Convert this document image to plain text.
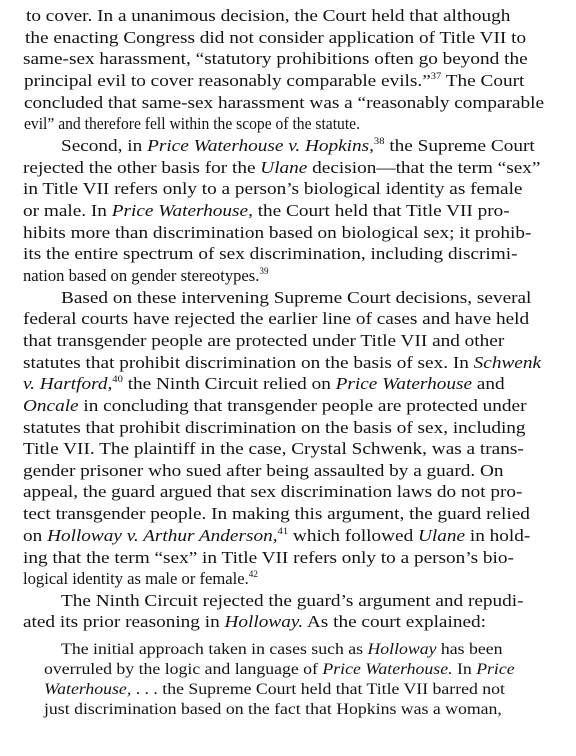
to cover. In a unanimous decision, the Court held that although
the enacting Congress did not consider application of Title VII to
same-sex harassment, “statutory prohibitions often go beyond the
principal evil to cover reasonably comparable evils.”$^{37}$ The Court
concluded that same-sex harassment was a “reasonably comparable
evil” and therefore fell within the scope of the statute.
Second, in Price Waterhouse v. Hopkins,$^{38}$ the Supreme Court
rejected the other basis for the Ulane decision—that the term “sex”
in Title VII refers only to a person’s biological identity as female
or male. In Price Waterhouse, the Court held that Title VII pro-
hibits more than discrimination based on biological sex; it prohib-
its the entire spectrum of sex discrimination, including discrimi-
nation based on gender stereotypes.$^{39}$
Based on these intervening Supreme Court decisions, several
federal courts have rejected the earlier line of cases and have held
that transgender people are protected under Title VII and other
statutes that prohibit discrimination on the basis of sex. In Schwenk
v. Hartford,$^{40}$ the Ninth Circuit relied on Price Waterhouse and
Oncale in concluding that transgender people are protected under
statutes that prohibit discrimination on the basis of sex, including
Title VII. The plaintiff in the case, Crystal Schwenk, was a trans-
gender prisoner who sued after being assaulted by a guard. On
appeal, the guard argued that sex discrimination laws do not pro-
tect transgender people. In making this argument, the guard relied
on Holloway v. Arthur Anderson,$^{41}$ which followed Ulane in hold-
ing that the term “sex” in Title VII refers only to a person’s bio-
logical identity as male or female.$^{42}$
The Ninth Circuit rejected the guard’s argument and repudi-
ated its prior reasoning in Holloway. As the court explained:
The initial approach taken in cases such as Holloway has been
overruled by the logic and language of Price Waterhouse. In Price
Waterhouse, . . . the Supreme Court held that Title VII barred not
just discrimination based on the fact that Hopkins was a woman,
